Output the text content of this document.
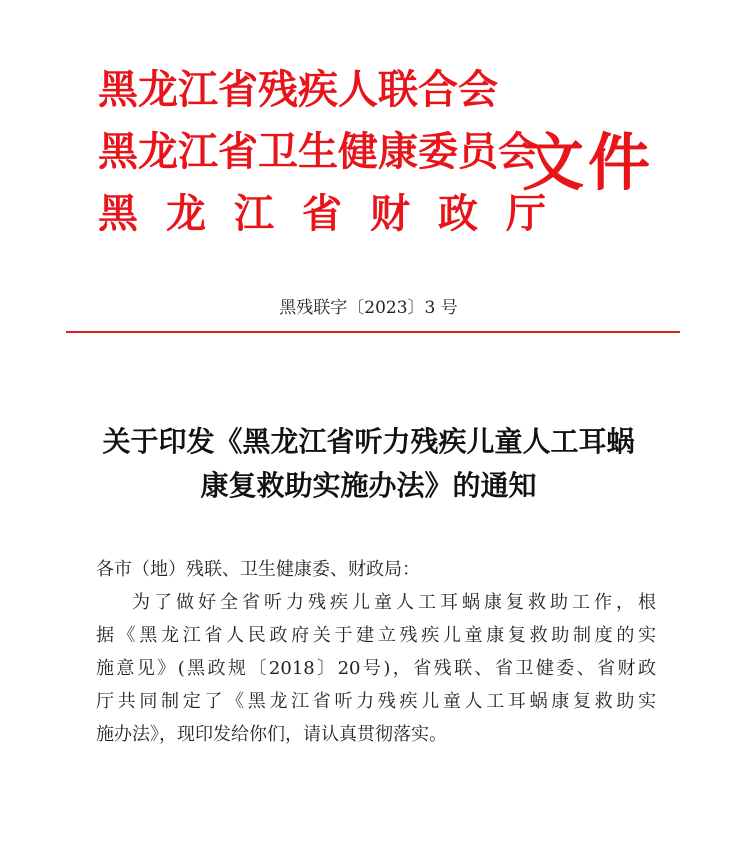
黑龙江省残疾人联合会
黑龙江省卫生健康委员会
黑龙江省财政厅
文件
黑残联字〔2023〕3 号
关于印发《黑龙江省听力残疾儿童人工耳蜗
康复救助实施办法》的通知
各市（地）残联、卫生健康委、财政局：
为了做好全省听力残疾儿童人工耳蜗康复救助工作，根
据《黑龙江省人民政府关于建立残疾儿童康复救助制度的实
施意见》(黑政规〔2018〕20号)，省残联、省卫健委、省财政
厅共同制定了《黑龙江省听力残疾儿童人工耳蜗康复救助实
施办法》，现印发给你们，请认真贯彻落实。
